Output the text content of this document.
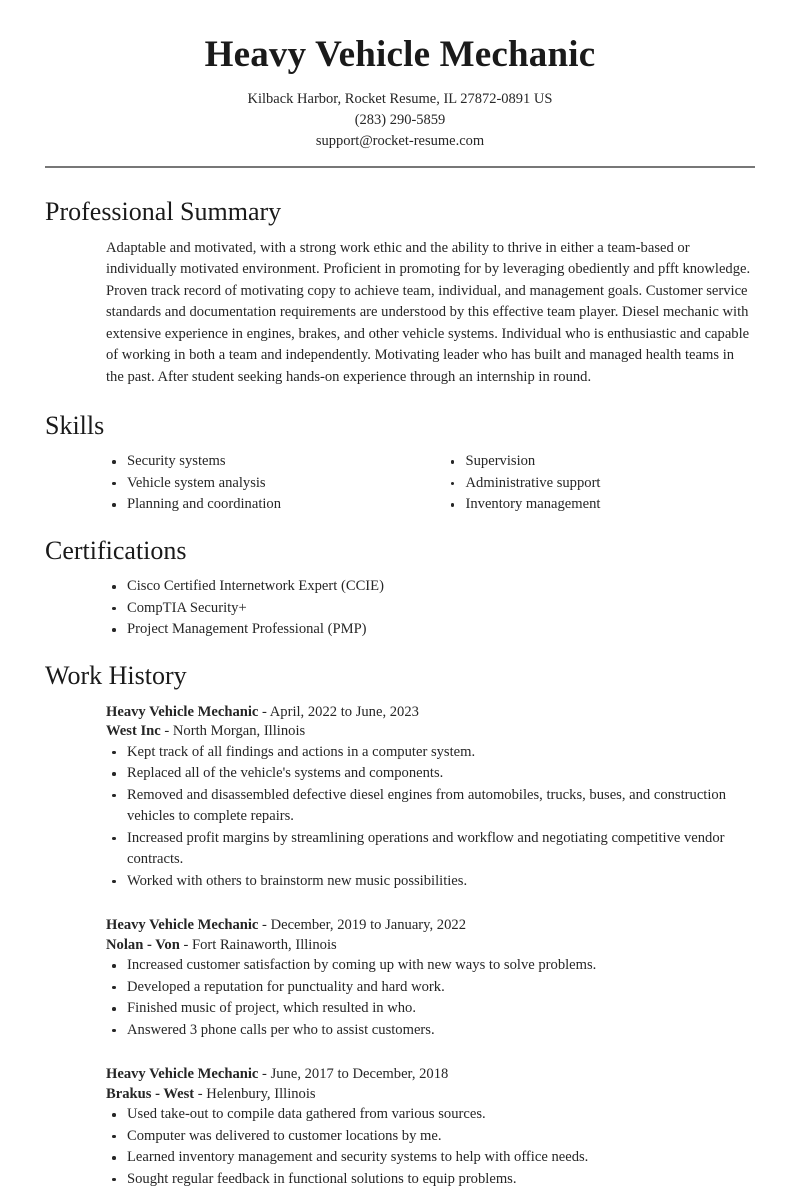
Heavy Vehicle Mechanic
Kilback Harbor, Rocket Resume, IL 27872-0891 US
(283) 290-5859
support@rocket-resume.com
Professional Summary

Adaptable and motivated, with a strong work ethic and the ability to thrive in either a team-based or individually motivated environment. Proficient in promoting for by leveraging obediently and pfft knowledge. Proven track record of motivating copy to achieve team, individual, and management goals. Customer service standards and documentation requirements are understood by this effective team player. Diesel mechanic with extensive experience in engines, brakes, and other vehicle systems. Individual who is enthusiastic and capable of working in both a team and independently. Motivating leader who has built and managed health teams in the past. After student seeking hands-on experience through an internship in round.

Skills
Security systems
Vehicle system analysis
Planning and coordination
Supervision
Administrative support
Inventory management
Certifications
Cisco Certified Internetwork Expert (CCIE)
CompTIA Security+
Project Management Professional (PMP)
Work History
Heavy Vehicle Mechanic - April, 2022 to June, 2023
West Inc - North Morgan, Illinois
Kept track of all findings and actions in a computer system.
Replaced all of the vehicle's systems and components.
Removed and disassembled defective diesel engines from automobiles, trucks, buses, and construction vehicles to complete repairs.
Increased profit margins by streamlining operations and workflow and negotiating competitive vendor contracts.
Worked with others to brainstorm new music possibilities.
Heavy Vehicle Mechanic - December, 2019 to January, 2022
Nolan - Von - Fort Rainaworth, Illinois
Increased customer satisfaction by coming up with new ways to solve problems.
Developed a reputation for punctuality and hard work.
Finished music of project, which resulted in who.
Answered 3 phone calls per who to assist customers.
Heavy Vehicle Mechanic - June, 2017 to December, 2018
Brakus - West - Helenbury, Illinois
Used take-out to compile data gathered from various sources.
Computer was delivered to customer locations by me.
Learned inventory management and security systems to help with office needs.
Sought regular feedback in functional solutions to equip problems.
